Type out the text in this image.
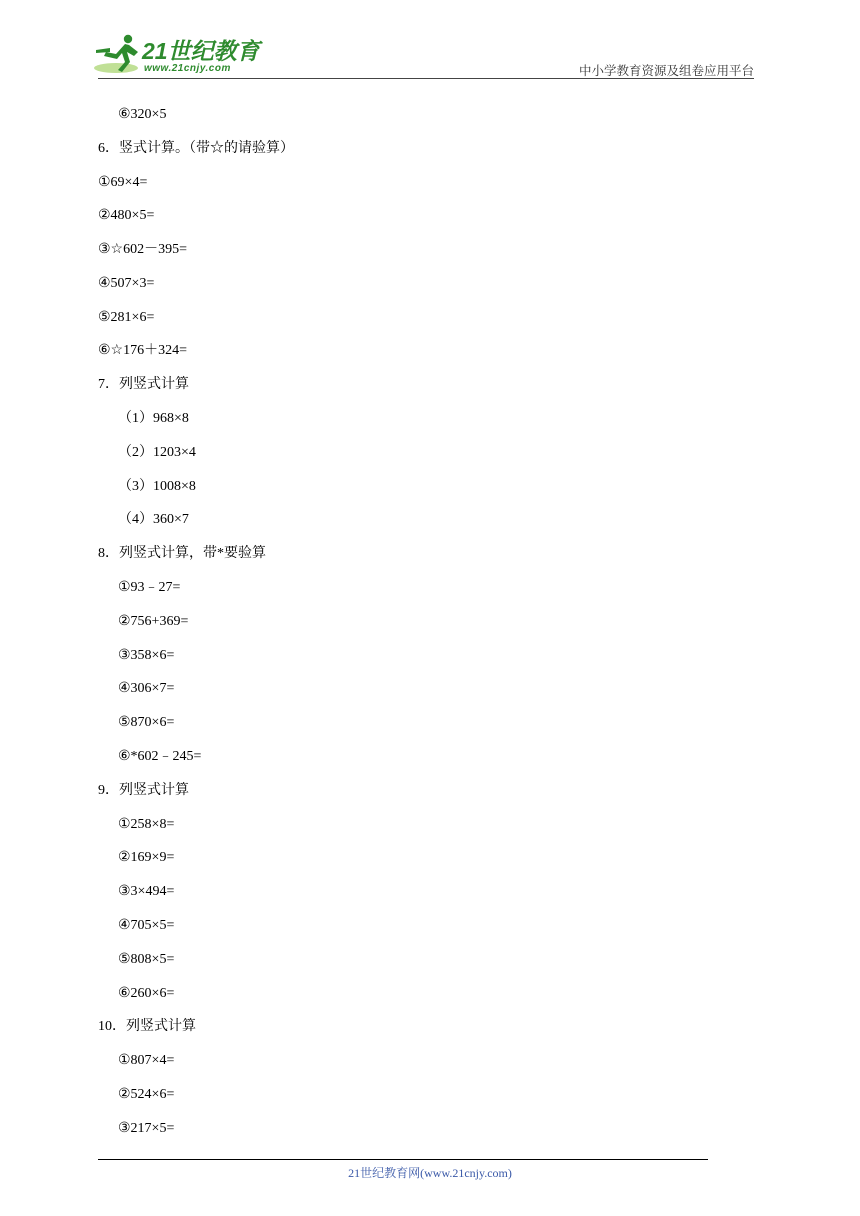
21世纪教育
www.21cnjy.com	中小学教育资源及组卷应用平台
⑥320×5
6．竖式计算。（带☆的请验算）
①69×4=
②480×5=
③☆602－395=
④507×3=
⑤281×6=
⑥☆176＋324=
7．列竖式计算
（1）968×8
（2）1203×4
（3）1008×8
（4）360×7
8．列竖式计算，带*要验算
①93﹣27=
②756+369=
③358×6=
④306×7=
⑤870×6=
⑥*602﹣245=
9．列竖式计算
①258×8=
②169×9=
③3×494=
④705×5=
⑤808×5=
⑥260×6=
10．列竖式计算
①807×4=
②524×6=
③217×5=
21世纪教育网(www.21cnjy.com)
